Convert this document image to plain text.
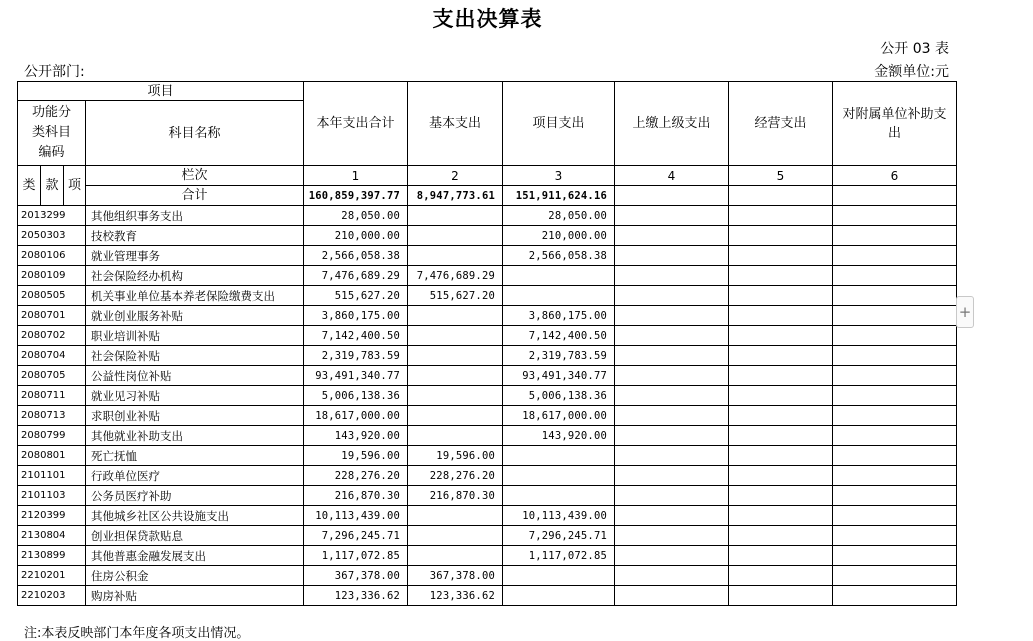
支出决算表
公开 03 表
公开部门:	金额单位:元
项目				本年支出合计	基本支出	项目支出	上缴上级支出	经营支出	对附属单位补助支出
功能分类科目编码			科目名称						
类	款	项	栏次	1	2	3	4	5	6
			合计	160,859,397.77	8,947,773.61	151,911,624.16			
2013299			其他组织事务支出	28,050.00		28,050.00			
2050303			技校教育	210,000.00		210,000.00			
2080106			就业管理事务	2,566,058.38		2,566,058.38			
2080109			社会保险经办机构	7,476,689.29	7,476,689.29				
2080505			机关事业单位基本养老保险缴费支出	515,627.20	515,627.20				
2080701			就业创业服务补贴	3,860,175.00		3,860,175.00			
2080702			职业培训补贴	7,142,400.50		7,142,400.50			
2080704			社会保险补贴	2,319,783.59		2,319,783.59			
2080705			公益性岗位补贴	93,491,340.77		93,491,340.77			
2080711			就业见习补贴	5,006,138.36		5,006,138.36			
2080713			求职创业补贴	18,617,000.00		18,617,000.00			
2080799			其他就业补助支出	143,920.00		143,920.00			
2080801			死亡抚恤	19,596.00	19,596.00				
2101101			行政单位医疗	228,276.20	228,276.20				
2101103			公务员医疗补助	216,870.30	216,870.30				
2120399			其他城乡社区公共设施支出	10,113,439.00		10,113,439.00			
2130804			创业担保贷款贴息	7,296,245.71		7,296,245.71			
2130899			其他普惠金融发展支出	1,117,072.85		1,117,072.85			
2210201			住房公积金	367,378.00	367,378.00				
2210203			购房补贴	123,336.62	123,336.62				
注:本表反映部门本年度各项支出情况。
+
